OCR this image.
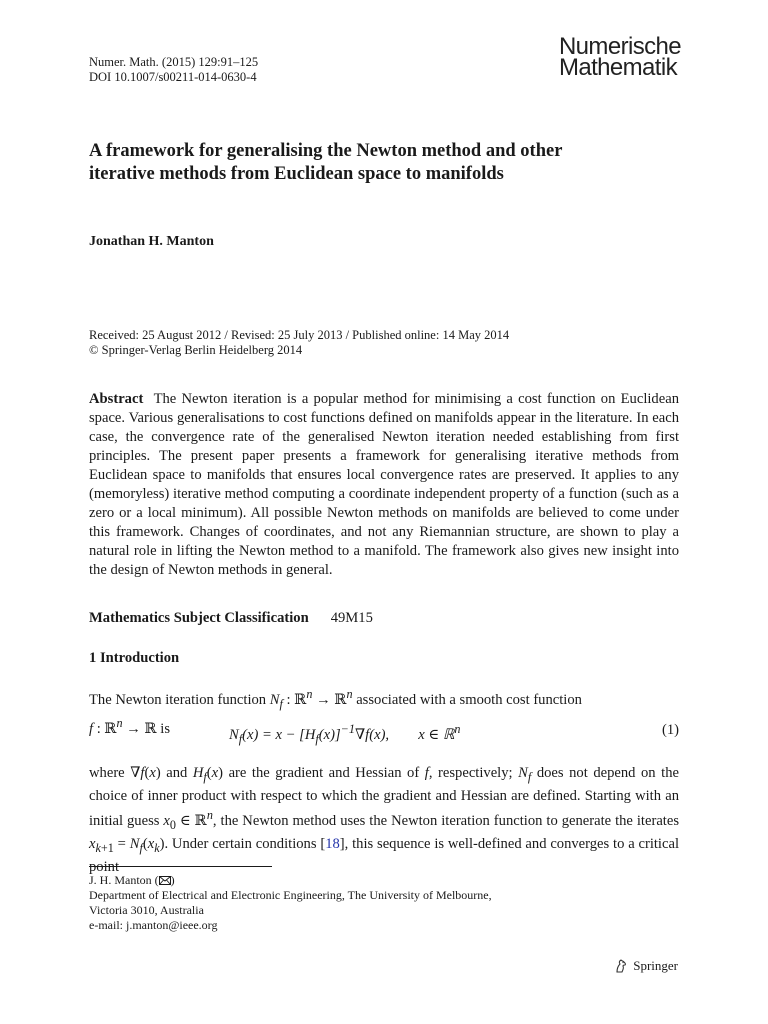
Numer. Math. (2015) 129:91–125
DOI 10.1007/s00211-014-0630-4
Numerische
Mathematik
A framework for generalising the Newton method and other iterative methods from Euclidean space to manifolds
Jonathan H. Manton
Received: 25 August 2012 / Revised: 25 July 2013 / Published online: 14 May 2014
© Springer-Verlag Berlin Heidelberg 2014

Abstract The Newton iteration is a popular method for minimising a cost function on Euclidean space. Various generalisations to cost functions defined on manifolds appear in the literature. In each case, the convergence rate of the generalised Newton iteration needed establishing from first principles. The present paper presents a framework for generalising iterative methods from Euclidean space to manifolds that ensures local convergence rates are preserved. It applies to any (memoryless) iterative method computing a coordinate independent property of a function (such as a zero or a local minimum). All possible Newton methods on manifolds are believed to come under this framework. Changes of coordinates, and not any Riemannian structure, are shown to play a natural role in lifting the Newton method to a manifold. The framework also gives new insight into the design of Newton methods in general.

Mathematics Subject Classification 49M15
1 Introduction

The Newton iteration function $N_f$ : ℝ$^n$ → ℝ$^n$ associated with a smooth cost function
f : ℝ$^n$ → ℝ is	$N_f(x) = x - [H_f(x)]^{-1}\nabla f(x)$,        x ∈ ℝ$^n$	(1)

where ∇f(x) and $H_f(x)$ are the gradient and Hessian of f, respectively; $N_f$ does not depend on the choice of inner product with respect to which the gradient and Hessian are defined. Starting with an initial guess $x_0$ ∈ ℝ$^n$, the Newton method uses the Newton iteration function to generate the iterates $x_{k+1} = N_f(x_k)$. Under certain conditions [18], this sequence is well-defined and converges to a critical point

J. H. Manton ( )
Department of Electrical and Electronic Engineering, The University of Melbourne,
Victoria 3010, Australia
e-mail: j.manton@ieee.org
Springer
